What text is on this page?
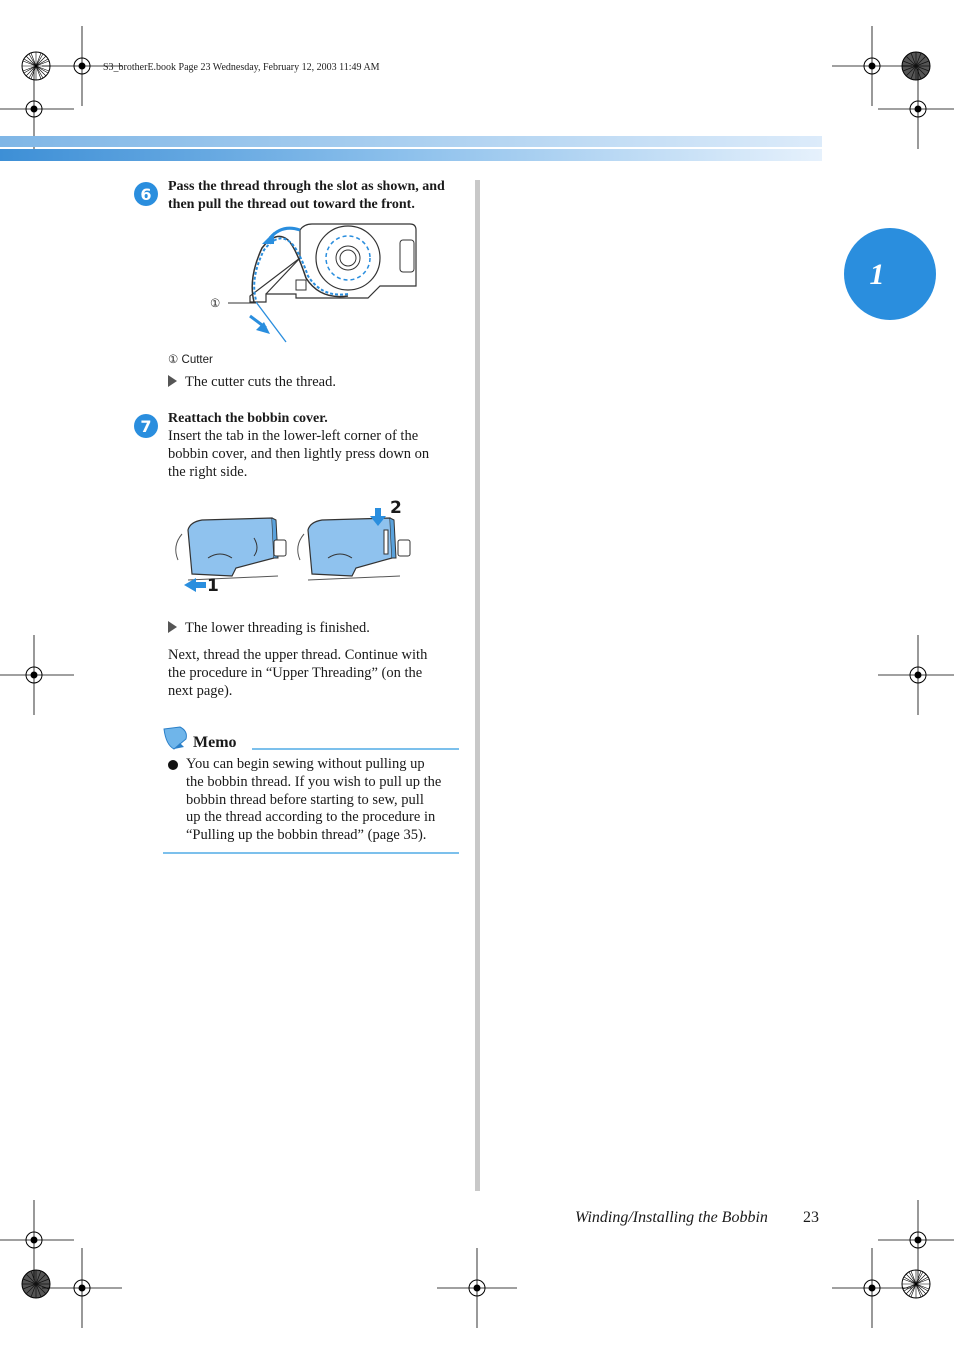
S3_brotherE.book Page 23 Wednesday, February 12, 2003 11:49 AM
1
6	Pass the thread through the slot as shown, and
then pull the thread out toward the front.
①
① Cutter
The cutter cuts the thread.
7	Reattach the bobbin cover.
Insert the tab in the lower-left corner of the
bobbin cover, and then lightly press down on
the right side.
2
1
The lower threading is finished.
Next, thread the upper thread. Continue with
the procedure in “Upper Threading” (on the
next page).
Memo
You can begin sewing without pulling up
the bobbin thread. If you wish to pull up the
bobbin thread before starting to sew, pull
up the thread according to the procedure in
“Pulling up the bobbin thread” (page 35).
Winding/Installing the Bobbin 23
